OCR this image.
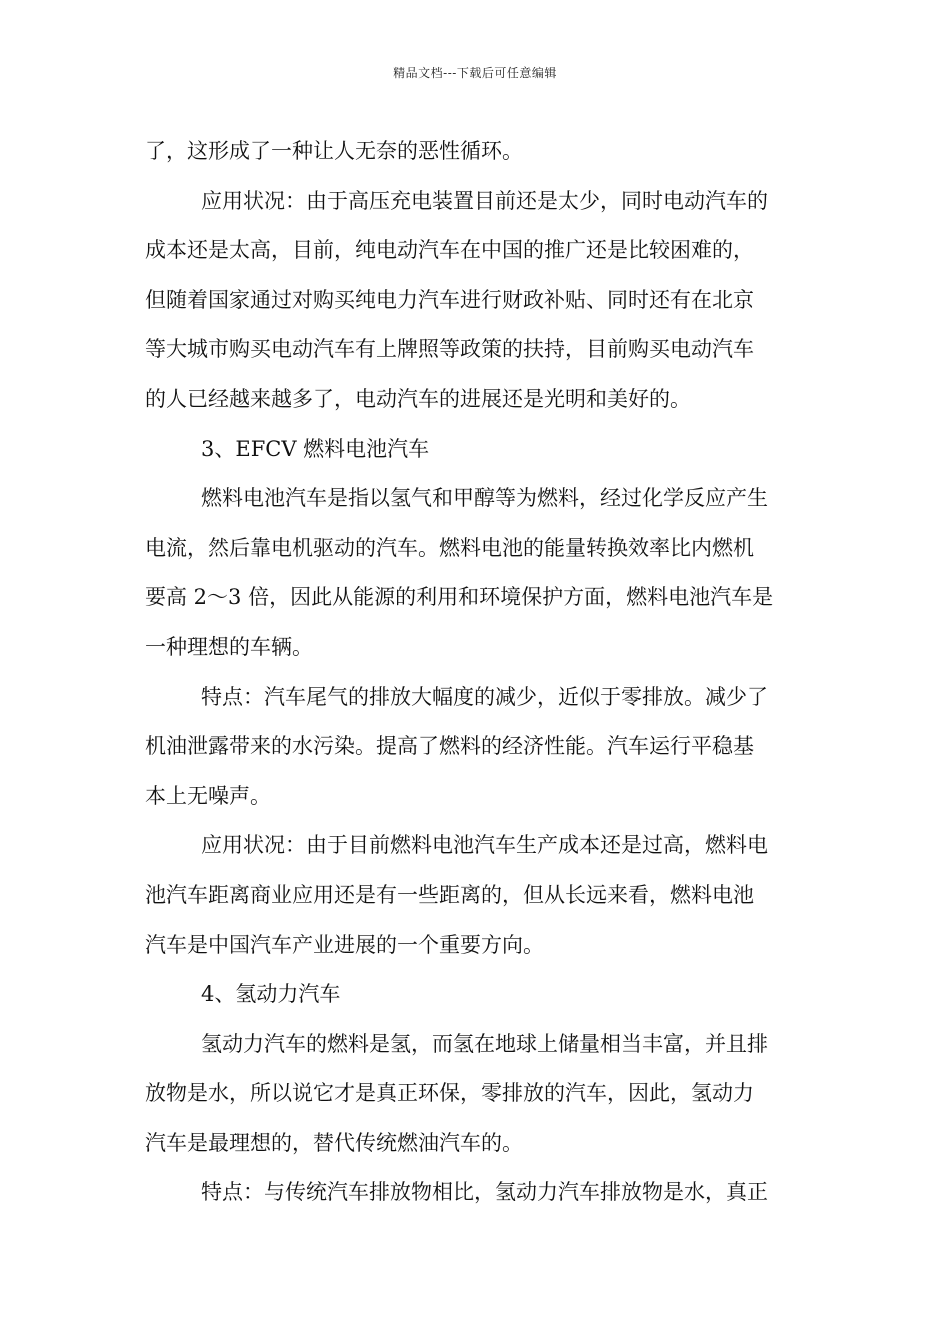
精品文档---下载后可任意编辑
了，这形成了一种让人无奈的恶性循环。
应用状况：由于高压充电装置目前还是太少，同时电动汽车的
成本还是太高，目前，纯电动汽车在中国的推广还是比较困难的，
但随着国家通过对购买纯电力汽车进行财政补贴、同时还有在北京
等大城市购买电动汽车有上牌照等政策的扶持，目前购买电动汽车
的人已经越来越多了，电动汽车的进展还是光明和美好的。
3、EFCV 燃料电池汽车
燃料电池汽车是指以氢气和甲醇等为燃料，经过化学反应产生
电流，然后靠电机驱动的汽车。燃料电池的能量转换效率比内燃机
要高 2～3 倍，因此从能源的利用和环境保护方面，燃料电池汽车是
一种理想的车辆。
特点：汽车尾气的排放大幅度的减少，近似于零排放。减少了
机油泄露带来的水污染。提高了燃料的经济性能。汽车运行平稳基
本上无噪声。
应用状况：由于目前燃料电池汽车生产成本还是过高，燃料电
池汽车距离商业应用还是有一些距离的，但从长远来看，燃料电池
汽车是中国汽车产业进展的一个重要方向。
4、氢动力汽车
氢动力汽车的燃料是氢，而氢在地球上储量相当丰富，并且排
放物是水，所以说它才是真正环保，零排放的汽车，因此，氢动力
汽车是最理想的，替代传统燃油汽车的。
特点：与传统汽车排放物相比，氢动力汽车排放物是水，真正
